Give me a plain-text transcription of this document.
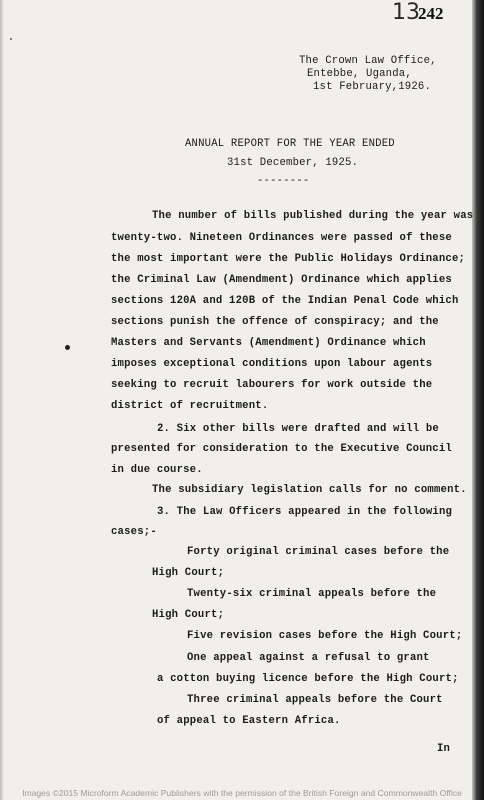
13
242
The Crown Law Office,
Entebbe, Uganda,
1st February,1926.
ANNUAL REPORT FOR THE YEAR ENDED
31st December, 1925.
--------
The number of bills published during the year was
twenty-two. Nineteen Ordinances were passed of these
the most important were the Public Holidays Ordinance;
the Criminal Law (Amendment) Ordinance which applies
sections 120A and 120B of the Indian Penal Code which
sections punish the offence of conspiracy; and the
Masters and Servants (Amendment) Ordinance which
imposes exceptional conditions upon labour agents
seeking to recruit labourers for work outside the
district of recruitment.
2. Six other bills were drafted and will be
presented for consideration to the Executive Council
in due course.
The subsidiary legislation calls for no comment.
3. The Law Officers appeared in the following
cases;-
Forty original criminal cases before the
High Court;
Twenty-six criminal appeals before the
High Court;
Five revision cases before the High Court;
One appeal against a refusal to grant
a cotton buying licence before the High Court;
Three criminal appeals before the Court
of appeal to Eastern Africa.
In
Images ©2015 Microform Academic Publishers with the permission of the British Foreign and Commonwealth Office
